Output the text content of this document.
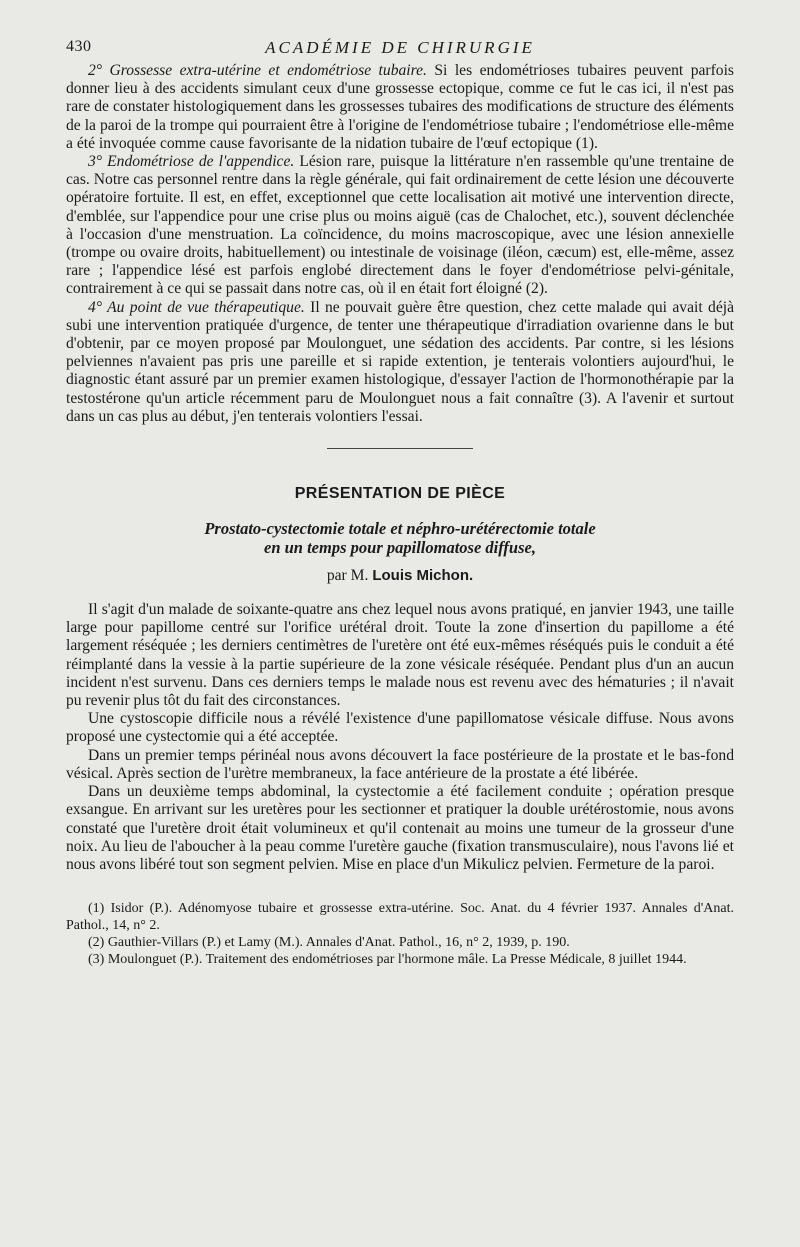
430	ACADÉMIE DE CHIRURGIE

2° Grossesse extra-utérine et endométriose tubaire. Si les endométrioses tubaires peuvent parfois donner lieu à des accidents simulant ceux d'une grossesse ectopique, comme ce fut le cas ici, il n'est pas rare de constater histologiquement dans les grossesses tubaires des modifications de structure des éléments de la paroi de la trompe qui pourraient être à l'origine de l'endométriose tubaire ; l'endométriose elle-même a été invoquée comme cause favorisante de la nidation tubaire de l'œuf ectopique (1).

3° Endométriose de l'appendice. Lésion rare, puisque la littérature n'en rassemble qu'une trentaine de cas. Notre cas personnel rentre dans la règle générale, qui fait ordinairement de cette lésion une découverte opératoire fortuite. Il est, en effet, exceptionnel que cette localisation ait motivé une intervention directe, d'emblée, sur l'appendice pour une crise plus ou moins aiguë (cas de Chalochet, etc.), souvent déclenchée à l'occasion d'une menstruation. La coïncidence, du moins macroscopique, avec une lésion annexielle (trompe ou ovaire droits, habituellement) ou intestinale de voisinage (iléon, cæcum) est, elle-même, assez rare ; l'appendice lésé est parfois englobé directement dans le foyer d'endométriose pelvi-génitale, contrairement à ce qui se passait dans notre cas, où il en était fort éloigné (2).

4° Au point de vue thérapeutique. Il ne pouvait guère être question, chez cette malade qui avait déjà subi une intervention pratiquée d'urgence, de tenter une thérapeutique d'irradiation ovarienne dans le but d'obtenir, par ce moyen proposé par Moulonguet, une sédation des accidents. Par contre, si les lésions pelviennes n'avaient pas pris une pareille et si rapide extention, je tenterais volontiers aujourd'hui, le diagnostic étant assuré par un premier examen histologique, d'essayer l'action de l'hormonothérapie par la testostérone qu'un article récemment paru de Moulonguet nous a fait connaître (3). A l'avenir et surtout dans un cas plus au début, j'en tenterais volontiers l'essai.

PRÉSENTATION DE PIÈCE
Prostato-cystectomie totale et néphro-urétérectomie totale
en un temps pour papillomatose diffuse,
par M. Louis Michon.

Il s'agit d'un malade de soixante-quatre ans chez lequel nous avons pratiqué, en janvier 1943, une taille large pour papillome centré sur l'orifice urétéral droit. Toute la zone d'insertion du papillome a été largement réséquée ; les derniers centimètres de l'uretère ont été eux-mêmes réséqués puis le conduit a été réimplanté dans la vessie à la partie supérieure de la zone vésicale réséquée. Pendant plus d'un an aucun incident n'est survenu. Dans ces derniers temps le malade nous est revenu avec des hématuries ; il n'avait pu revenir plus tôt du fait des circonstances.

Une cystoscopie difficile nous a révélé l'existence d'une papillomatose vésicale diffuse. Nous avons proposé une cystectomie qui a été acceptée.

Dans un premier temps périnéal nous avons découvert la face postérieure de la prostate et le bas-fond vésical. Après section de l'urètre membraneux, la face antérieure de la prostate a été libérée.

Dans un deuxième temps abdominal, la cystectomie a été facilement conduite ; opération presque exsangue. En arrivant sur les uretères pour les sectionner et pratiquer la double urétérostomie, nous avons constaté que l'uretère droit était volumineux et qu'il contenait au moins une tumeur de la grosseur d'une noix. Au lieu de l'aboucher à la peau comme l'uretère gauche (fixation transmusculaire), nous l'avons lié et nous avons libéré tout son segment pelvien. Mise en place d'un Mikulicz pelvien. Fermeture de la paroi.

(1) Isidor (P.). Adénomyose tubaire et grossesse extra-utérine. Soc. Anat. du 4 février 1937. Annales d'Anat. Pathol., 14, n° 2.

(2) Gauthier-Villars (P.) et Lamy (M.). Annales d'Anat. Pathol., 16, n° 2, 1939, p. 190.

(3) Moulonguet (P.). Traitement des endométrioses par l'hormone mâle. La Presse Médicale, 8 juillet 1944.
